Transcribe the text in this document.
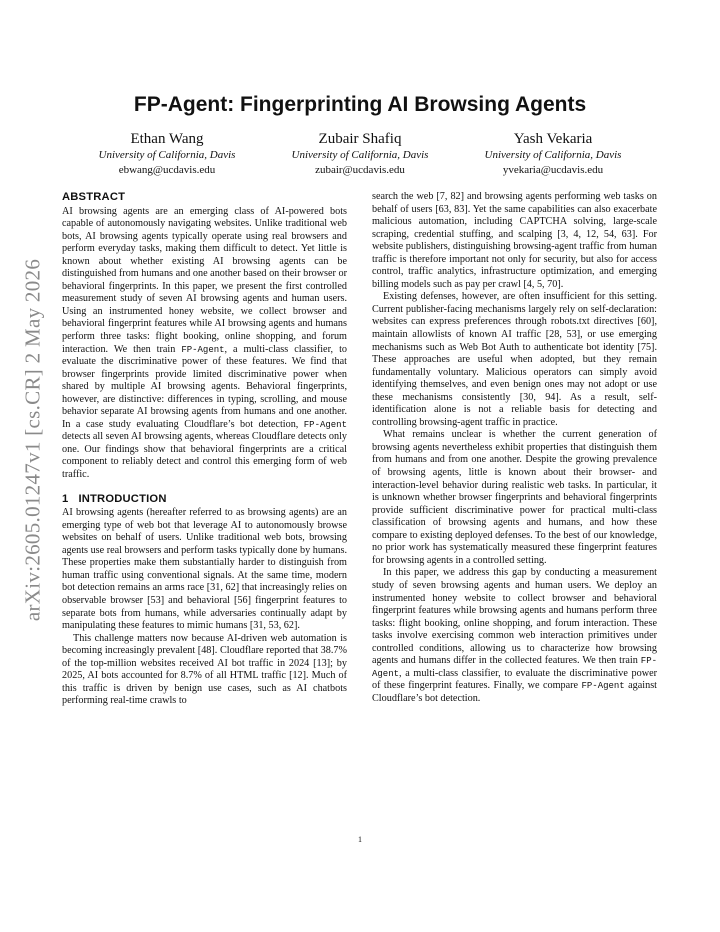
arXiv:2605.01247v1 [cs.CR] 2 May 2026
FP-Agent: Fingerprinting AI Browsing Agents
Ethan Wang
University of California, Davis
ebwang@ucdavis.edu
Zubair Shafiq
University of California, Davis
zubair@ucdavis.edu
Yash Vekaria
University of California, Davis
yvekaria@ucdavis.edu
ABSTRACT

AI browsing agents are an emerging class of AI-powered bots capable of autonomously navigating websites. Unlike traditional web bots, AI browsing agents typically operate using real browsers and perform everyday tasks, making them difficult to detect. Yet little is known about whether existing AI browsing agents can be distinguished from humans and one another based on their browser or behavioral fingerprints. In this paper, we present the first controlled measurement study of seven AI browsing agents and human users. Using an instrumented honey website, we collect browser and behavioral fingerprint features while AI browsing agents and humans perform three tasks: flight booking, online shopping, and forum interaction. We then train FP-Agent, a multi-class classifier, to evaluate the discriminative power of these features. We find that browser fingerprints provide limited discriminative power when shared by multiple AI browsing agents. Behavioral fingerprints, however, are distinctive: differences in typing, scrolling, and mouse behavior separate AI browsing agents from humans and one another. In a case study evaluating Cloudflare’s bot detection, FP-Agent detects all seven AI browsing agents, whereas Cloudflare detects only one. Our findings show that behavioral fingerprints are a critical component to reliably detect and control this emerging form of web traffic.

1 INTRODUCTION

AI browsing agents (hereafter referred to as browsing agents) are an emerging type of web bot that leverage AI to autonomously browse websites on behalf of users. Unlike traditional web bots, browsing agents use real browsers and perform tasks typically done by humans. These properties make them substantially harder to distinguish from human traffic using conventional signals. At the same time, modern bot detection remains an arms race [31, 62] that increasingly relies on observable browser [53] and behavioral [56] fingerprint features to separate bots from humans, while adversaries continually adapt by manipulating these features to mimic humans [31, 53, 62].

This challenge matters now because AI-driven web automation is becoming increasingly prevalent [48]. Cloudflare reported that 38.7% of the top-million websites received AI bot traffic in 2024 [13]; by 2025, AI bots accounted for 8.7% of all HTML traffic [12]. Much of this traffic is driven by benign use cases, such as AI chatbots performing real-time crawls to

search the web [7, 82] and browsing agents performing web tasks on behalf of users [63, 83]. Yet the same capabilities can also exacerbate malicious automation, including CAPTCHA solving, large-scale scraping, credential stuffing, and scalping [3, 4, 12, 54, 63]. For website publishers, distinguishing browsing-agent traffic from human traffic is therefore important not only for security, but also for access control, traffic analytics, infrastructure optimization, and emerging billing models such as pay per crawl [4, 5, 70].

Existing defenses, however, are often insufficient for this setting. Current publisher-facing mechanisms largely rely on self-declaration: websites can express preferences through robots.txt directives [60], maintain allowlists of known AI traffic [28, 53], or use emerging mechanisms such as Web Bot Auth to authenticate bot identity [75]. These approaches are useful when adopted, but they remain fundamentally voluntary. Malicious operators can simply avoid identifying themselves, and even benign ones may not adopt or use these mechanisms consistently [30, 94]. As a result, self-identification alone is not a reliable basis for detecting and controlling browsing-agent traffic in practice.

What remains unclear is whether the current generation of browsing agents nevertheless exhibit properties that distinguish them from humans and from one another. Despite the growing prevalence of browsing agents, little is known about their browser- and interaction-level behavior during realistic web tasks. In particular, it is unknown whether browser fingerprints and behavioral fingerprints provide sufficient discriminative power for practical multi-class classification of browsing agents and humans, and how these compare to existing deployed defenses. To the best of our knowledge, no prior work has systematically measured these fingerprint features for browsing agents in a controlled setting.

In this paper, we address this gap by conducting a measurement study of seven browsing agents and human users. We deploy an instrumented honey website to collect browser and behavioral fingerprint features while browsing agents and humans perform three tasks: flight booking, online shopping, and forum interaction. These tasks involve exercising common web interaction primitives under controlled conditions, allowing us to characterize how browsing agents and humans differ in the collected features. We then train FP-Agent, a multi-class classifier, to evaluate the discriminative power of these fingerprint features. Finally, we compare FP-Agent against Cloudflare’s bot detection.

1
